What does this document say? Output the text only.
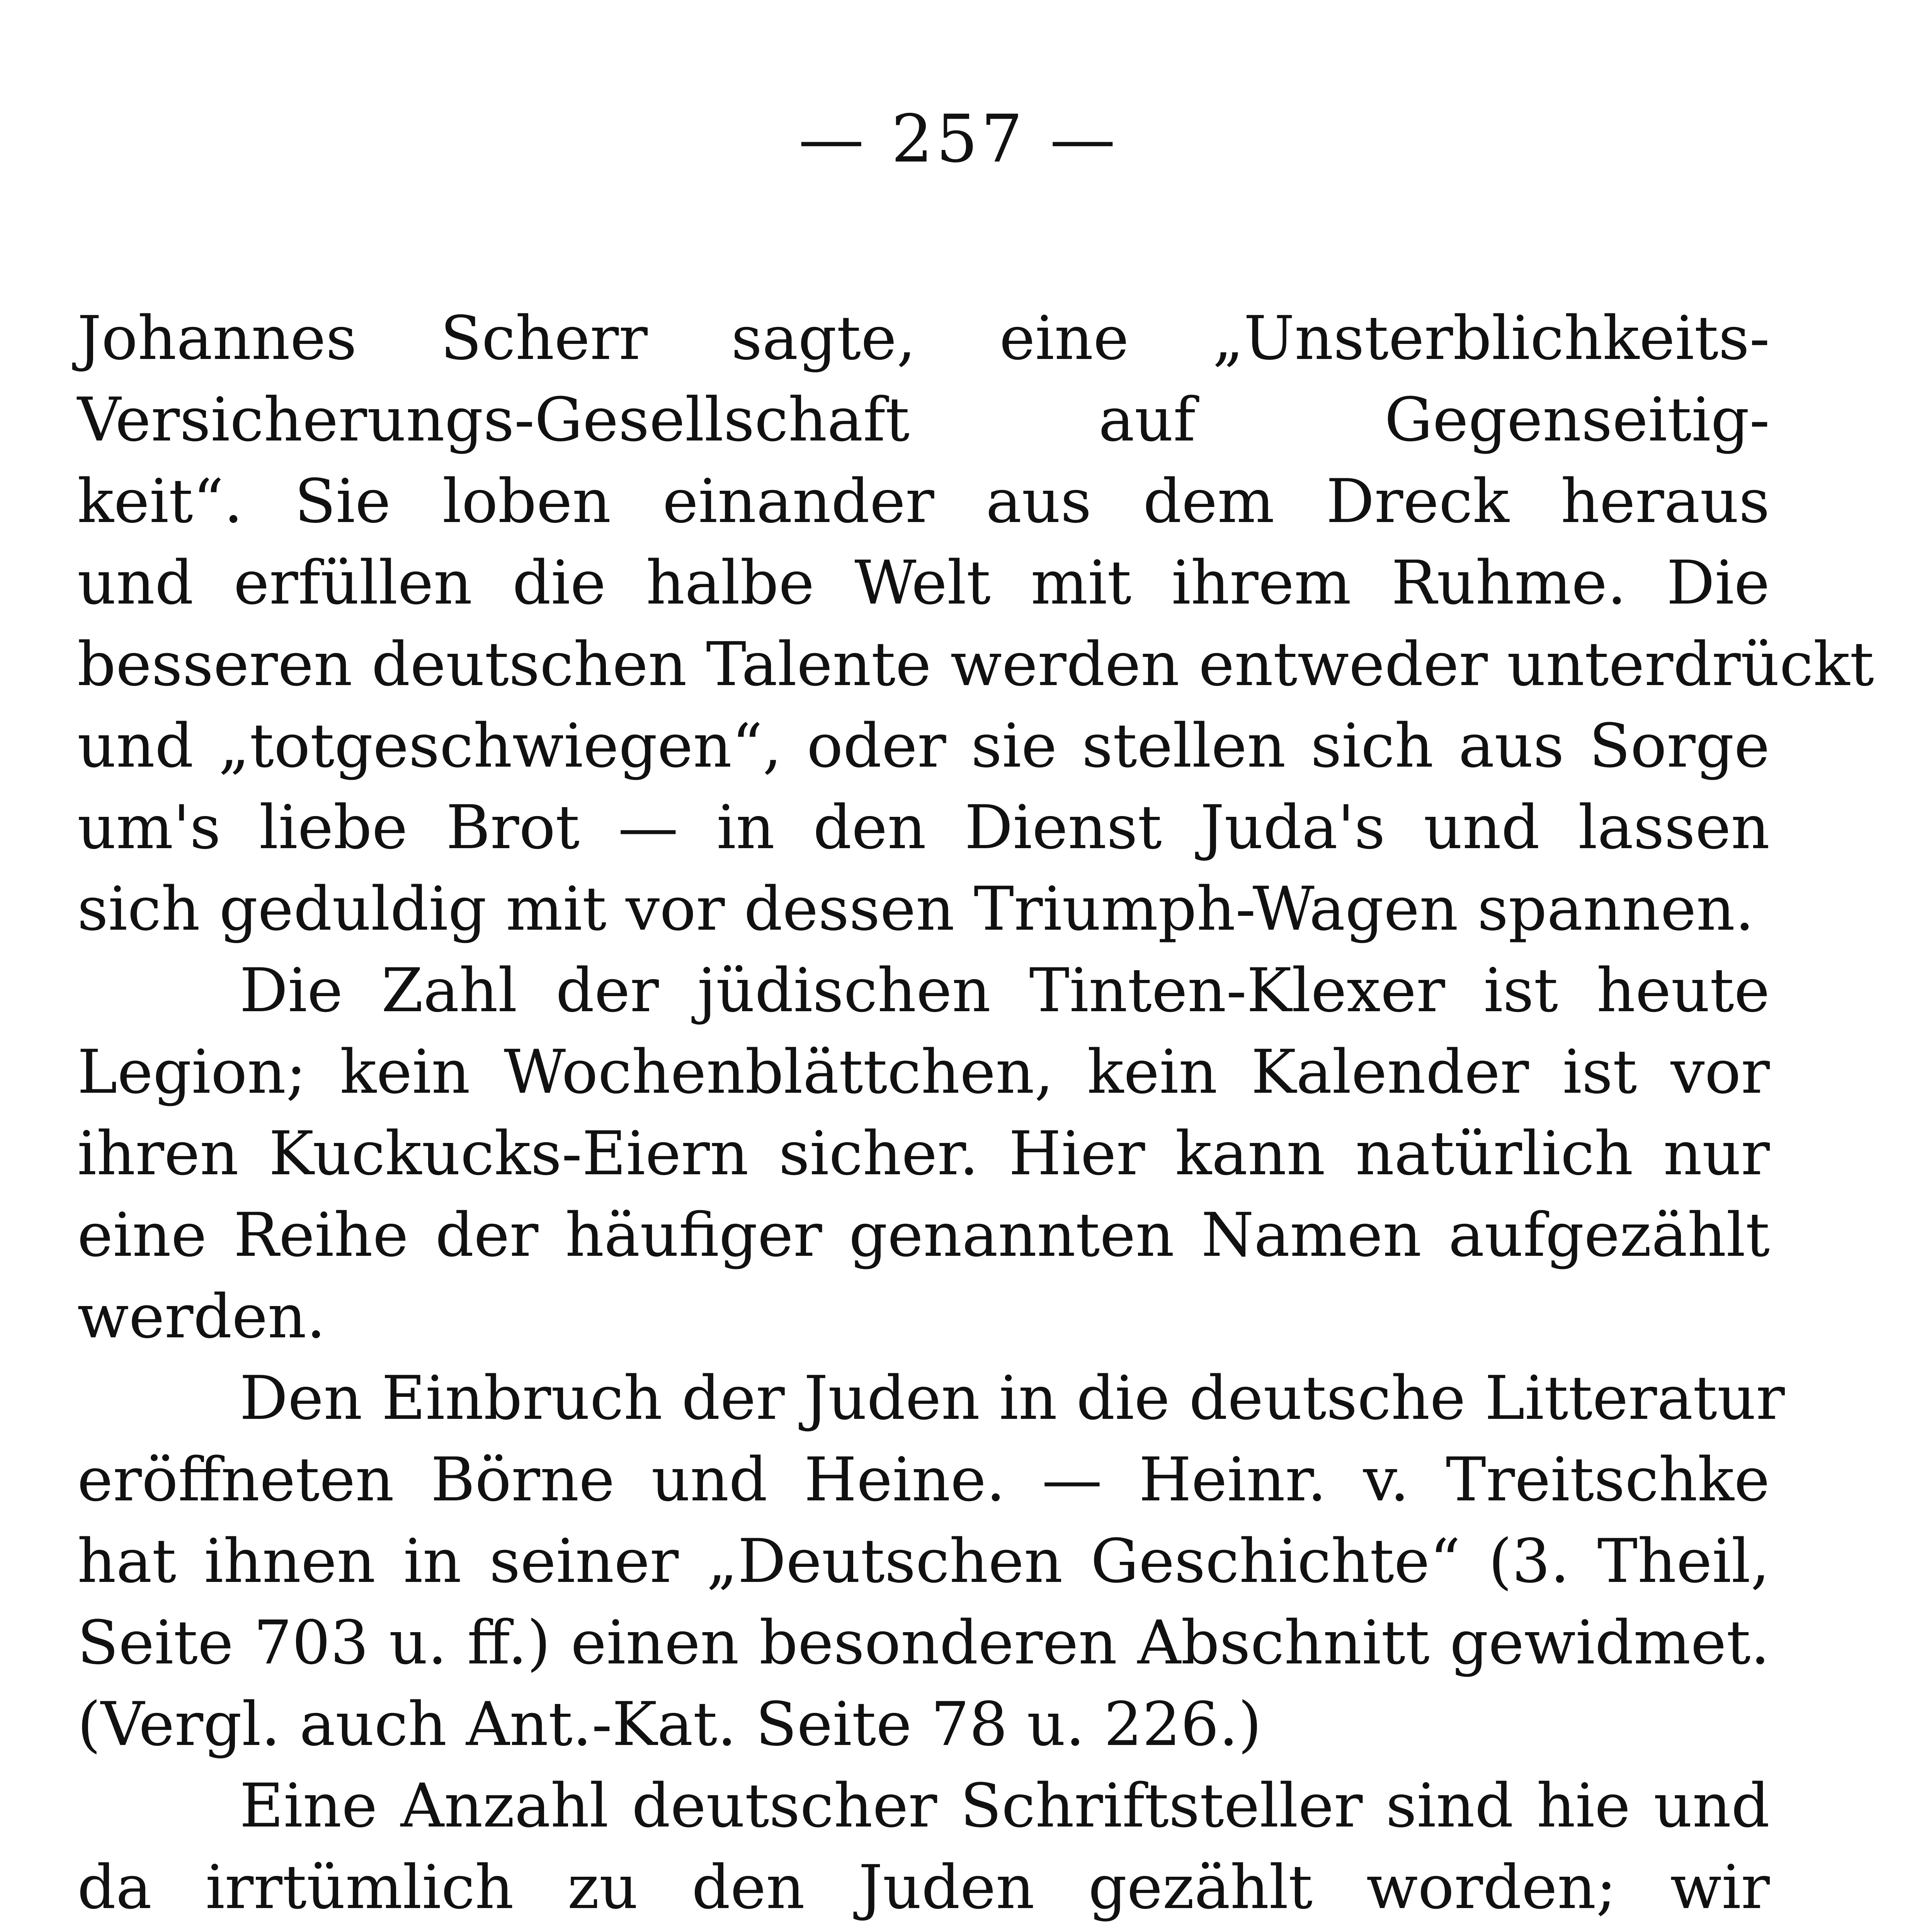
— 257 —
Johannes Scherr sagte, eine „Unsterblichkeits-
Versicherungs-Gesellschaft auf Gegenseitig-
keit“. Sie loben einander aus dem Dreck heraus
und erfüllen die halbe Welt mit ihrem Ruhme. Die
besseren deutschen Talente werden entweder unterdrückt
und „totgeschwiegen“, oder sie stellen sich aus Sorge
um's liebe Brot — in den Dienst Juda's und lassen
sich geduldig mit vor dessen Triumph-Wagen spannen.
Die Zahl der jüdischen Tinten-Klexer ist heute
Legion; kein Wochenblättchen, kein Kalender ist vor
ihren Kuckucks-Eiern sicher. Hier kann natürlich nur
eine Reihe der häufiger genannten Namen aufgezählt
werden.
Den Einbruch der Juden in die deutsche Litteratur
eröffneten Börne und Heine. — Heinr. v. Treitschke
hat ihnen in seiner „Deutschen Geschichte“ (3. Theil,
Seite 703 u. ff.) einen besonderen Abschnitt gewidmet.
(Vergl. auch Ant.-Kat. Seite 78 u. 226.)
Eine Anzahl deutscher Schriftsteller sind hie und
da irrtümlich zu den Juden gezählt worden; wir
